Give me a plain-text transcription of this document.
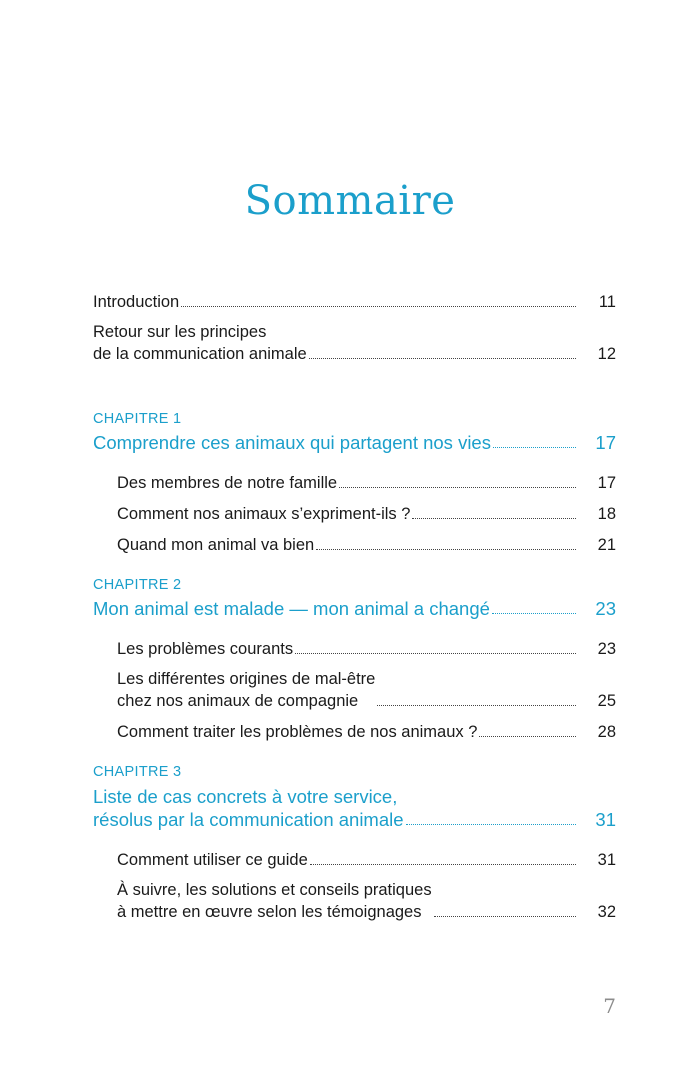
Sommaire
Introduction	11
Retour sur les principes
de la communication animale	12
CHAPITRE 1
Comprendre ces animaux qui partagent nos vies	17
Des membres de notre famille	17
Comment nos animaux s’expriment-ils ?	18
Quand mon animal va bien	21
CHAPITRE 2
Mon animal est malade — mon animal a changé	23
Les problèmes courants	23
Les différentes origines de mal-être
chez nos animaux de compagnie	25
Comment traiter les problèmes de nos animaux ?	28
CHAPITRE 3
Liste de cas concrets à votre service,
résolus par la communication animale	31
Comment utiliser ce guide	31
À suivre, les solutions et conseils pratiques
à mettre en œuvre selon les témoignages	32
7
